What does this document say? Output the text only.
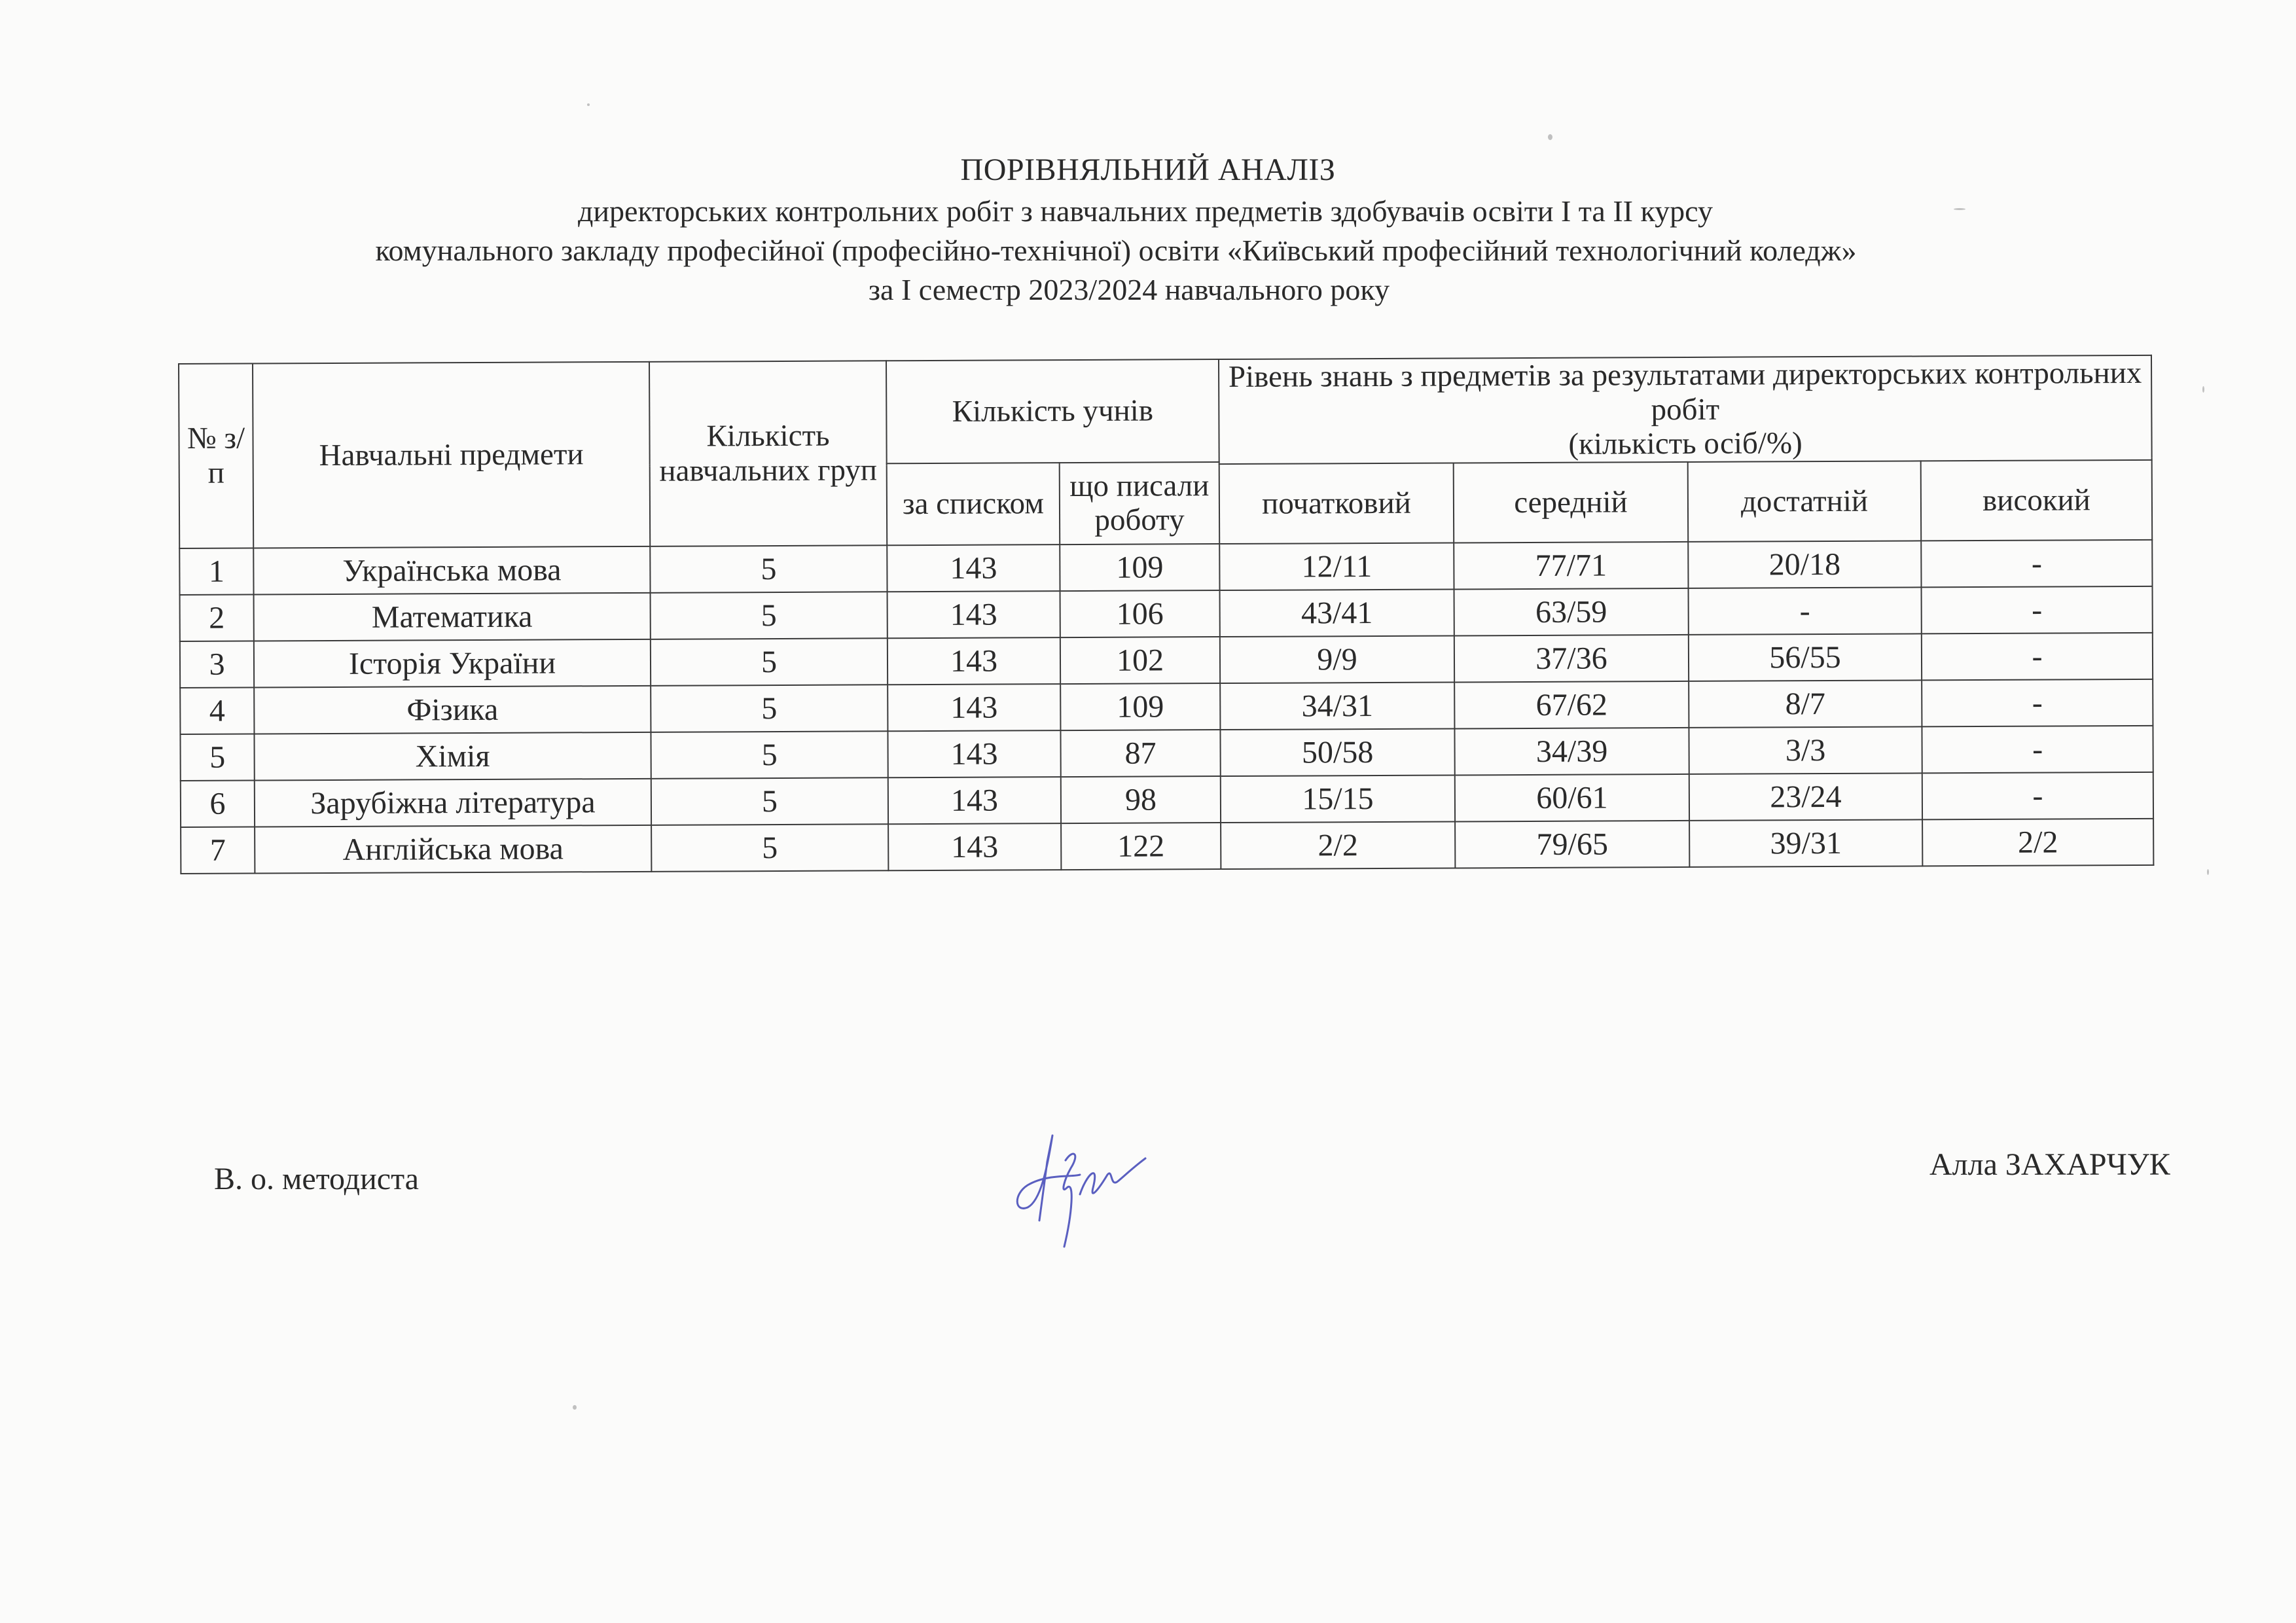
ПОРІВНЯЛЬНИЙ АНАЛІЗ
директорських контрольних робіт з навчальних предметів здобувачів освіти I та II курсу
комунального закладу професійної (професійно-технічної) освіти «Київський професійний технологічний коледж»
за I семестр 2023/2024 навчального року
№ з/п	Навчальні предмети	Кількість навчальних груп	Кількість учнів		Рівень знань з предметів за результатами директорських контрольних робіт
(кількість осіб/%)			
			за списком	що писали роботу				
					початковий	середній	достатній	високий
1	Українська мова	5	143	109	12/11	77/71	20/18	-
2	Математика	5	143	106	43/41	63/59	-	-
3	Історія України	5	143	102	9/9	37/36	56/55	-
4	Фізика	5	143	109	34/31	67/62	8/7	-
5	Хімія	5	143	87	50/58	34/39	3/3	-
6	Зарубіжна література	5	143	98	15/15	60/61	23/24	-
7	Англійська мова	5	143	122	2/2	79/65	39/31	2/2
В. о. методиста	Алла ЗАХАРЧУК
